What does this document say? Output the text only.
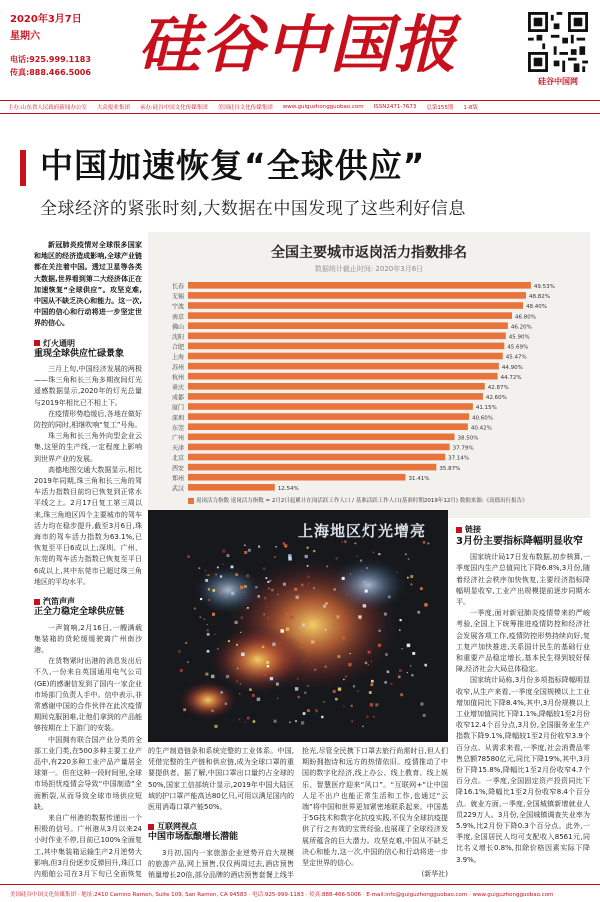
2020年3月7日
星期六
电话:925.999.1183
传真:888.466.5006 硅谷中国报
硅谷中国网
主办:山东省人民政府新闻办公室 大众报业集团 承办:硅谷中国文化传媒集团 美国硅谷文化传媒集团 www.guiguzhongguobao.com ISSN2471-7673 总第155期 1-8版
中国加速恢复“全球供应”
全球经济的紧张时刻,大数据在中国发现了这些利好信息

新冠肺炎疫情对全球很多国家和地区的经济造成影响,全球产业链都在关注着中国。透过卫星等各类大数据,世界看到第二大经济体正在加速恢复“全球供应”。攻坚克难,中国从不缺乏决心和能力。这一次,中国的信心和行动将进一步坚定世界的信心。

灯火通明
重现全球供应忙碌景象

三月上旬,中国经济发展的两极——珠三角和长三角多期夜间灯光遥感数据显示,2020年的灯光总量与2019年相比已不相上下。

在疫情形势趋缓后,各地在做好防控的同时,相继吹响“复工”号角。

珠三角和长三角外向型企业云集,这里的生产线,一定程度上影响到世界产业的发展。

高德地图交通大数据显示,相比2019年同期,珠三角和长三角的驾车活力指数目前均已恢复到正常水平线之上。2月17日复工第三周以来,珠三角地区四个主要城市的驾车活力均在稳步提升,截至3月6日,珠海市的驾车活力指数为63.1%,已恢复至平日6成以上;深圳、广州、东莞的驾车活力指数已恢复至平日6成以上,其中东莞市已超过珠三角地区的平均水平。

汽笛声声
正全力稳定全球供应链

一声简响,2月16日,一艘满载集装箱的货轮缓缓驶离广州南沙港。

在货物紧时出港的消息发出后不久,一份来自英国通用电气公司(GE)的感谢信发到了国内一家企业市场部门负责人手中。信中表示,非常感谢中国的合作伙伴在此次疫情期间克服困难,让他们拿到的产品能够按期在上下游门的安装。

中国拥有联合国产业分类的全部工业门类,在500多种主要工业产品中,有220多种工业产品产量居全球第一。但在这种一段时间里,全球市场担忧疫情会导致“中国制造”全面断裂,从而导致全球市场供应短缺。

来自广州港的数据传递出一个积极的信号。广州港从3月以来24小时作业不停,目前已100%全面复工,其中集装箱运输生产2月逆势大影响,但3月份逐步反弹回升,珠江口内船舶公司在3月下旬已全面恢复

全国主要城市返岗活力指数排名
数据统计截止时间: 2020年3月6日
长春	49.53%
无锡	48.82%
宁波	48.40%
南京	46.80%
佛山	46.20%
沈阳	45.90%
合肥	45.69%
上海	45.47%
苏州	44.90%
杭州	44.72%
重庆	42.87%
成都	42.60%
厦门	41.15%
深圳	40.60%
东莞	40.42%
广州	38.50%
天津	37.79%
北京	37.14%
西安	35.87%
郑州	31.41%
武汉	12.54%
返岗活力指数 返岗活力指数 = 2月2日起累计在岗活跃工作人口 / 基准活跃工作人口(基准时期2019年12月) 数据来源:《高德出行报告》
上海地区灯光增亮

的生产制造链条和系统完整的工业体系。中国,凭借完整的生产链和供应链,成为全球口罩的重要提供者。据了解,中国口罩出口量约占全球的50%,国家工信部统计显示,2019年中国大陆区域的护口罩产能高达80亿只,可用以满足国内的医用消毒口罩产能50%。

互联网视点
中国市场酝酿增长潜能

3月初,国内一家旅游企业逆势开启大规模的旅游产品,网上预售,仅仅两周过去,酒店预售销量增长20倍,部分品牌的酒店预售套餐上线半

抢光,尽管全民携下口罩去旅行尚需时日,但人们期盼拥抱诗和远方的热情依旧。疫情推动了中国的数字化经济,线上办公、线上教育、线上娱乐、智慧医疗迎来“风口”。“互联网+”让中国人足不出户也能正常生活和工作,也通过“云端”将中国和世界更加紧密地联系起来。中国基于5G技术和数字化抗疫实践,不仅为全球抗疫提供了行之有效的宝贵经验,也展现了全球经济发展所蕴含的巨大潜力。攻坚克难,中国从不缺乏决心和能力,这一次,中国的信心和行动将进一步坚定世界的信心。

(新华社)
链接
3月份主要指标降幅明显收窄

国家统计局17日发布数据,初步核算,一季度国内生产总值同比下降6.8%,3月份,随着经济社会秩序加快恢复,主要经济指标降幅明显收窄,工业产出规模提前逐步同期水平。

一季度,面对新冠肺炎疫情带来的严峻考验,全国上下统筹推进疫情防控和经济社会发展各项工作,疫情防控形势持续向好,复工复产加快推进,关系国计民生的基础行业和重要产品稳定增长,基本民生得到较好保障,经济社会大局总体稳定。

国家统计局称,3月份多项指标降幅明显收窄,从生产来看,一季度全国规模以上工业增加值同比下降8.4%,其中,3月份规模以上工业增加值同比下降1.1%,降幅较1至2月份收窄12.4个百分点,3月份,全国服务业生产指数下降9.1%,降幅较1至2月份收窄3.9个百分点。从需求来看,一季度,社会消费品零售总额78580亿元,同比下降19%,其中,3月份下降15.8%,降幅比1至2月份收窄4.7个百分点。一季度,全国固定资产投资同比下降16.1%,降幅比1至2月份收窄8.4个百分点。就业方面,一季度,全国城镇新增就业人员229万人。3月份,全国城镇调查失业率为5.9%,比2月份下降0.3个百分点。此外,一季度,全国居民人均可支配收入8561元,同比名义增长0.8%,扣除价格因素实际下降3.9%。

美国硅谷中国文化传媒集团 · 地址:2410 Camino Ramon, Suite 109, San Ramon, CA 94583 · 电话:925-999-1183 · 传真:888-466-5006 · E-mail:info@guiguzhongguobao.com · www.guiguzhongguobao.com
